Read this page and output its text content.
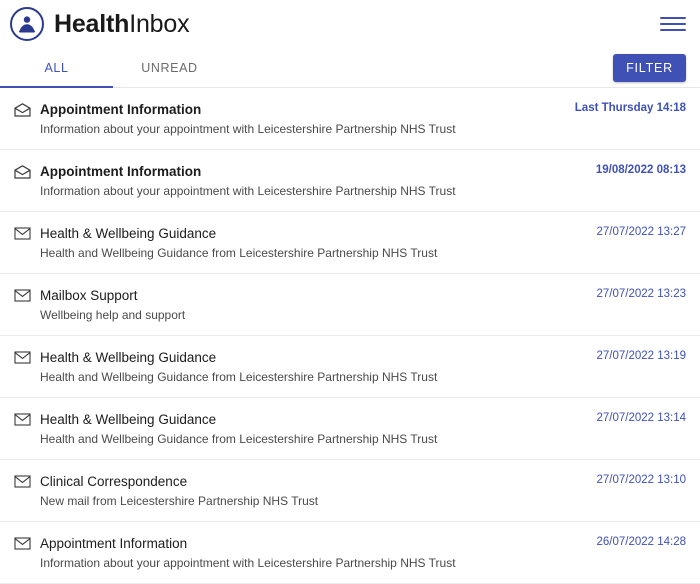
HealthInbox
ALL	UNREAD	FILTER
Appointment Information
Information about your appointment with Leicestershire Partnership NHS Trust
Last Thursday 14:18
Appointment Information
Information about your appointment with Leicestershire Partnership NHS Trust
19/08/2022 08:13
Health & Wellbeing Guidance
Health and Wellbeing Guidance from Leicestershire Partnership NHS Trust
27/07/2022 13:27
Mailbox Support
Wellbeing help and support
27/07/2022 13:23
Health & Wellbeing Guidance
Health and Wellbeing Guidance from Leicestershire Partnership NHS Trust
27/07/2022 13:19
Health & Wellbeing Guidance
Health and Wellbeing Guidance from Leicestershire Partnership NHS Trust
27/07/2022 13:14
Clinical Correspondence
New mail from Leicestershire Partnership NHS Trust
27/07/2022 13:10
Appointment Information
Information about your appointment with Leicestershire Partnership NHS Trust
26/07/2022 14:28
